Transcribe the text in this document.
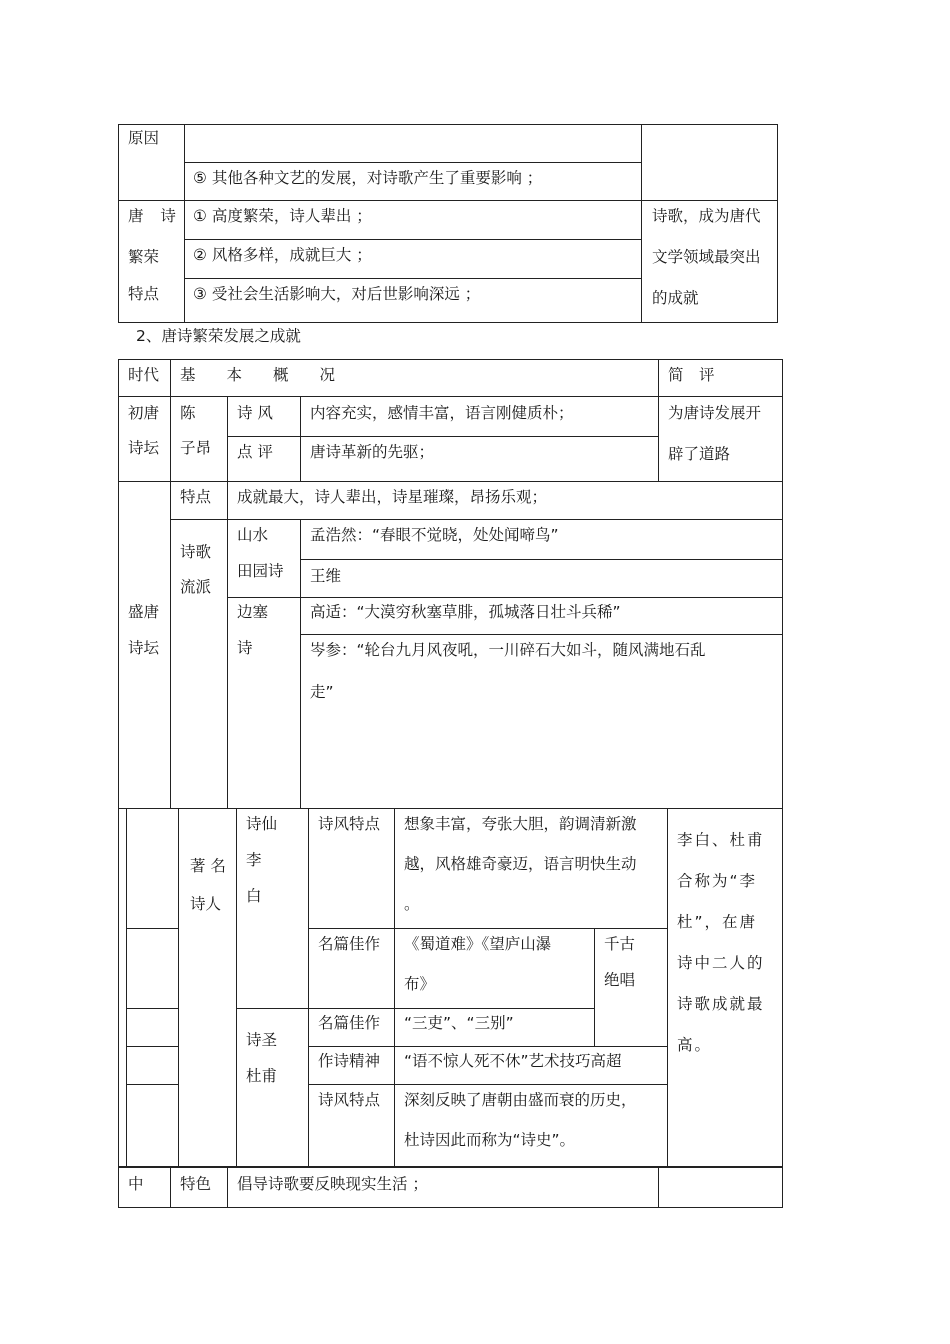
原因
⑤ 其他各种文艺的发展，对诗歌产生了重要影响 ；
唐 诗
繁荣
特点
① 高度繁荣，诗人辈出 ；
② 风格多样，成就巨大 ；
③ 受社会生活影响大，对后世影响深远 ；
诗歌，成为唐代
文学领域最突出
的成就
2、唐诗繁荣发展之成就
时代 基　　本　　概　　况	简　评
初唐
诗坛
陈
子昂
诗 风 内容充实，感情丰富，语言刚健质朴；
点 评 唐诗革新的先驱；
为唐诗发展开
辟了道路
盛唐
诗坛
特点 成就最大，诗人辈出，诗星璀璨，昂扬乐观；
诗歌
流派
山水
田园诗
孟浩然：“春眼不觉晓，处处闻啼鸟”
王维
边塞
诗
高适：“大漠穷秋塞草腓，孤城落日壮斗兵稀”
岑参：“轮台九月风夜吼，一川碎石大如斗，随风满地石乱
走”
著 名
诗人
诗仙
李
白
诗风特点 想象丰富，夸张大胆，韵调清新激
越，风格雄奇豪迈，语言明快生动
。
名篇佳作 《蜀道难》《望庐山瀑
布》
千古
绝唱
诗圣
杜甫
名篇佳作 “三吏”、“三别”
作诗精神 “语不惊人死不休”艺术技巧高超
诗风特点 深刻反映了唐朝由盛而衰的历史，
杜诗因此而称为“诗史”。
李白、杜甫
合称为“李
杜”，在唐
诗中二人的
诗歌成就最
高。
中 特色 倡导诗歌要反映现实生活 ；
